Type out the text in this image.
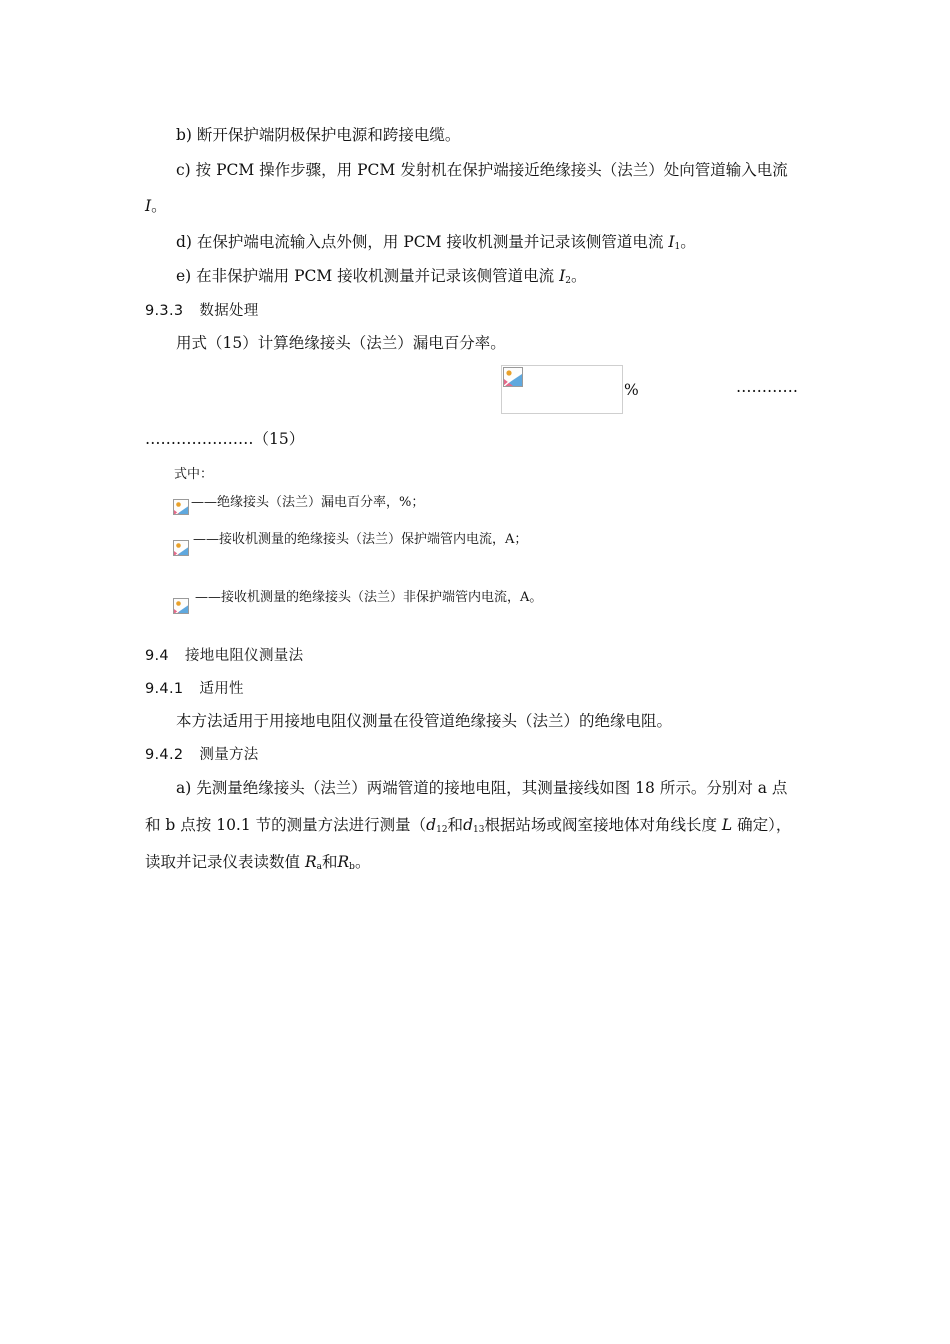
b) 断开保护端阴极保护电源和跨接电缆。
c) 按 PCM 操作步骤，用 PCM 发射机在保护端接近绝缘接头（法兰）处向管道输入电流
I。
d) 在保护端电流输入点外侧，用 PCM 接收机测量并记录该侧管道电流 $I_1$。
e) 在非保护端用 PCM 接收机测量并记录该侧管道电流 $I_2$。
9.3.3 数据处理
用式（15）计算绝缘接头（法兰）漏电百分率。
%	…………
…………………（15）
式中：
——绝缘接头（法兰）漏电百分率，%；
——接收机测量的绝缘接头（法兰）保护端管内电流，A；
——接收机测量的绝缘接头（法兰）非保护端管内电流，A。
9.4 接地电阻仪测量法
9.4.1 适用性
本方法适用于用接地电阻仪测量在役管道绝缘接头（法兰）的绝缘电阻。
9.4.2 测量方法
a) 先测量绝缘接头（法兰）两端管道的接地电阻，其测量接线如图 18 所示。分别对 a 点
和 b 点按 10.1 节的测量方法进行测量（$d_{12}$和$d_{13}$根据站场或阀室接地体对角线长度 L 确定），
读取并记录仪表读数值 $R_a$和$R_b$。
